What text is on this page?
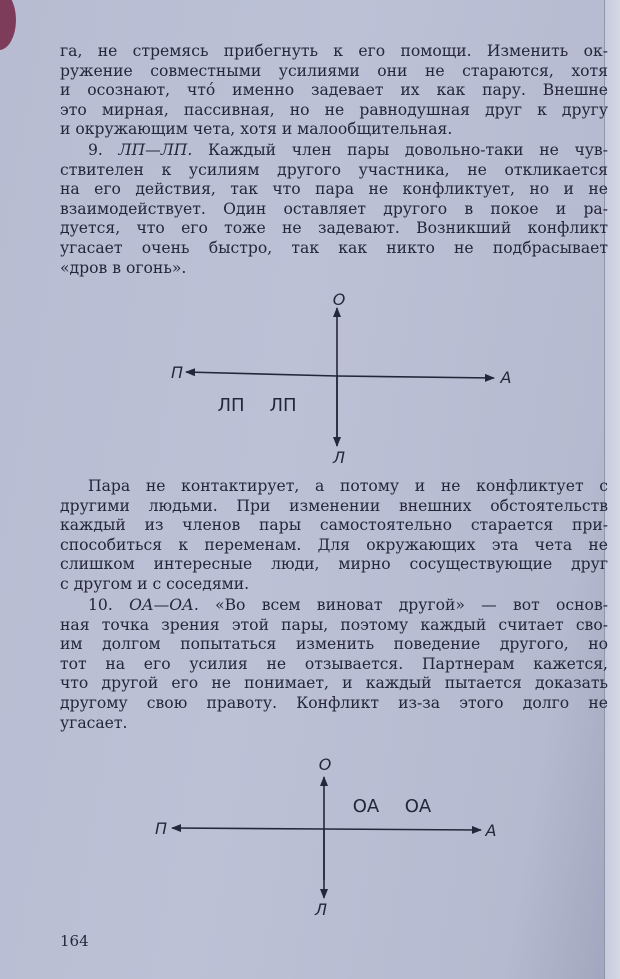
га, не стремясь прибегнуть к его помощи. Изменить ок-
ружение совместными усилиями они не стараются, хотя
и осознают, что́ именно задевает их как пару. Внешне
это мирная, пассивная, но не равнодушная друг к другу
и окружающим чета, хотя и малообщительная.

9. ЛП—ЛП. Каждый член пары довольно-таки не чув-
ствителен к усилиям другого участника, не откликается
на его действия, так что пара не конфликтует, но и не
взаимодействует. Один оставляет другого в покое и ра-
дуется, что его тоже не задевают. Возникший конфликт
угасает очень быстро, так как никто не подбрасывает
«дров в огонь».

О
П	А
Л
ЛП ЛП
О
П	А
Л
ОА ОА

Пара не контактирует, а потому и не конфликтует с
другими людьми. При изменении внешних обстоятельств
каждый из членов пары самостоятельно старается при-
способиться к переменам. Для окружающих эта чета не
слишком интересные люди, мирно сосуществующие друг
с другом и с соседями.

10. ОА—ОА. «Во всем виноват другой» — вот основ-
ная точка зрения этой пары, поэтому каждый считает сво-
им долгом попытаться изменить поведение другого, но
тот на его усилия не отзывается. Партнерам кажется,
что другой его не понимает, и каждый пытается доказать
другому свою правоту. Конфликт из-за этого долго не
угасает.

164
